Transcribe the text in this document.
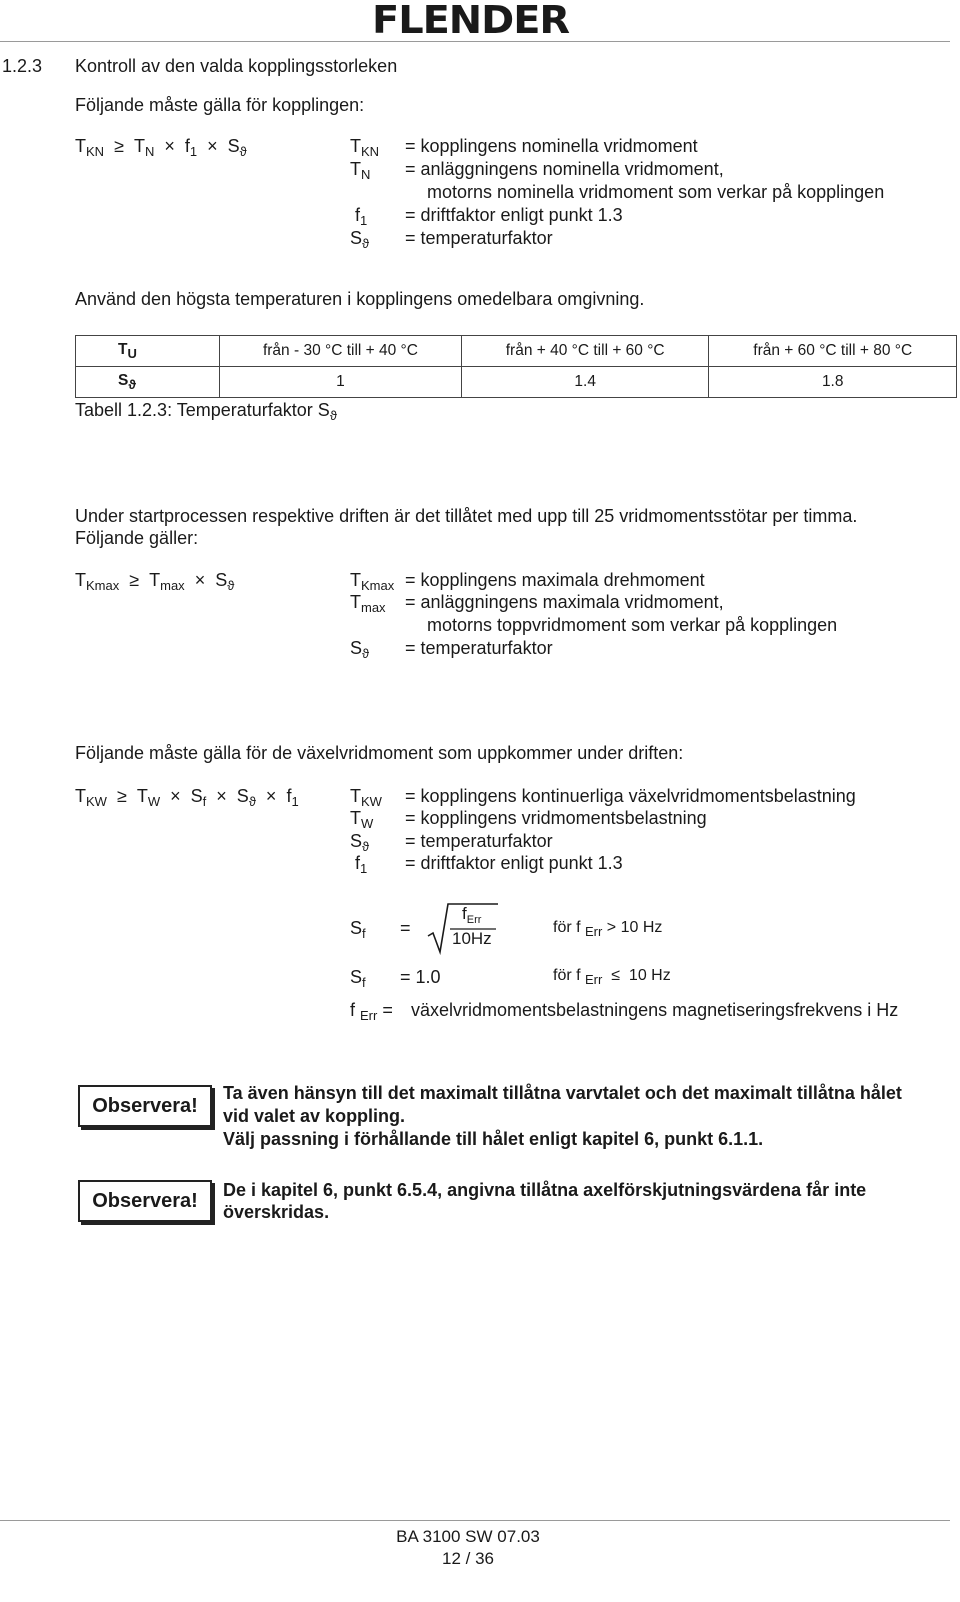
FLENDER
1.2.3 Kontroll av den valda kopplingsstorleken
Följande måste gälla för kopplingen:
$T_{KN} \ge T_N \times f_1 \times S_ϑ$	$T_{KN}$ = kopplingens nominella vridmoment
$T_N$ = anläggningens nominella vridmoment,
motorns nominella vridmoment som verkar på kopplingen
$f_1$ = driftfaktor enligt punkt 1.3
$S_ϑ$ = temperaturfaktor
Använd den högsta temperaturen i kopplingens omedelbara omgivning.
$T_U$	från - 30 °C till + 40 °C	från + 40 °C till + 60 °C	från + 60 °C till + 80 °C
$S_ϑ$	1	1.4	1.8
Tabell 1.2.3: Temperaturfaktor $S_ϑ$
Under startprocessen respektive driften är det tillåtet med upp till 25 vridmomentsstötar per timma.
Följande gäller:
$T_{Kmax} \ge T_{max} \times S_ϑ$	$T_{Kmax}$ = kopplingens maximala drehmoment
$T_{max}$ = anläggningens maximala vridmoment,
motorns toppvridmoment som verkar på kopplingen
$S_ϑ$ = temperaturfaktor
Följande måste gälla för de växelvridmoment som uppkommer under driften:
$T_{KW} \ge T_W \times S_f \times S_ϑ \times f_1$	$T_{KW}$ = kopplingens kontinuerliga växelvridmomentsbelastning
$T_W$ = kopplingens vridmomentsbelastning
$S_ϑ$ = temperaturfaktor
$f_1$ = driftfaktor enligt punkt 1.3
$S_f$ =
$f_{Err}$
10Hz
för f $_{Err}$ > 10 Hz
$S_f = 1.0$	för f $_{Err}$  ≤  10 Hz
f $_{Err}$ = växelvridmomentsbelastningens magnetiseringsfrekvens i Hz
Observera!
Ta även hänsyn till det maximalt tillåtna varvtalet och det maximalt tillåtna hålet
vid valet av koppling.
Välj passning i förhållande till hålet enligt kapitel 6, punkt 6.1.1.
Observera!	De i kapitel 6, punkt 6.5.4, angivna tillåtna axelförskjutningsvärdena får inte
överskridas.
BA 3100 SW 07.03
12 / 36
